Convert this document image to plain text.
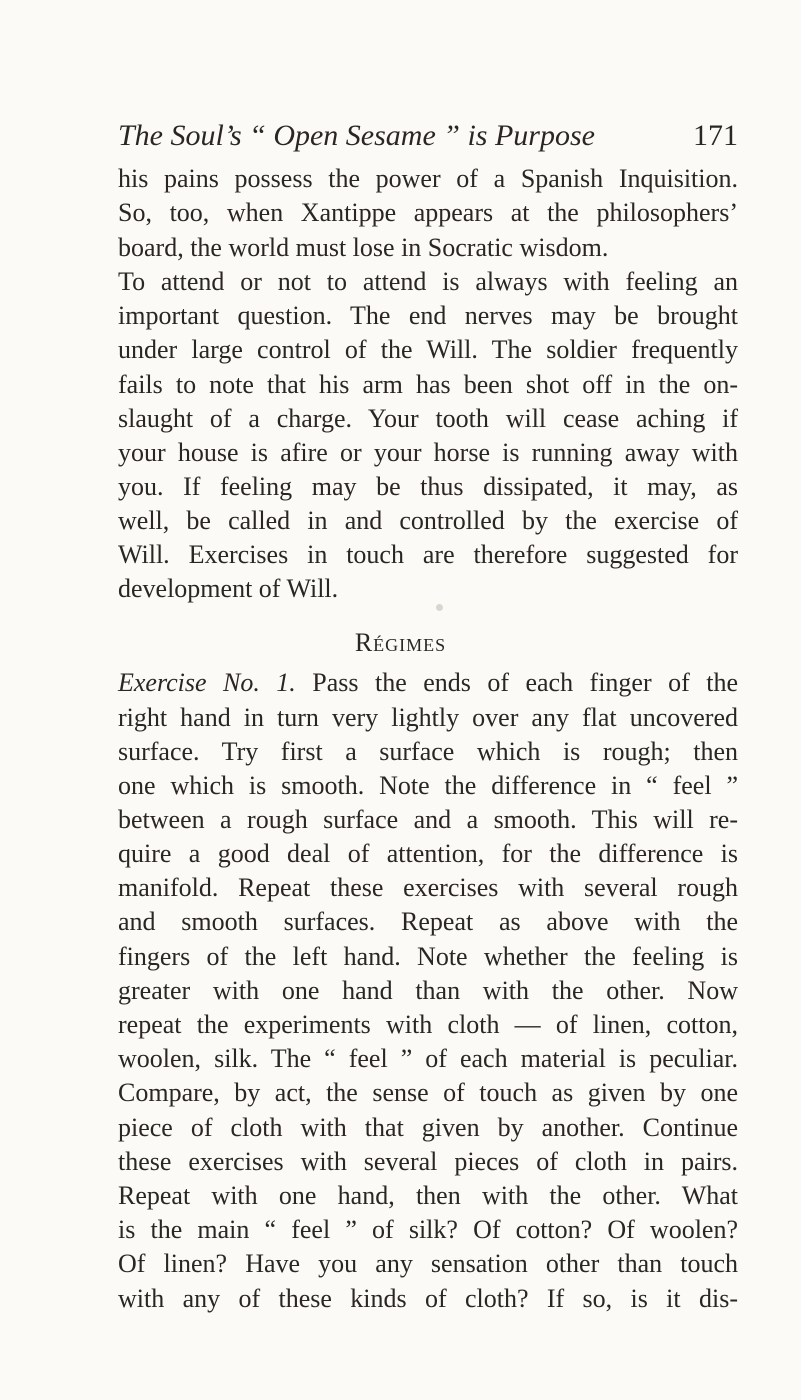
The Soul’s “ Open Sesame ” is Purpose	171
his pains possess the power of a Spanish Inquisition.
So, too, when Xantippe appears at the philosophers’
board, the world must lose in Socratic wisdom.
To attend or not to attend is always with feeling an
important question. The end nerves may be brought
under large control of the Will. The soldier frequently
fails to note that his arm has been shot off in the on-
slaught of a charge. Your tooth will cease aching if
your house is afire or your horse is running away with
you. If feeling may be thus dissipated, it may, as
well, be called in and controlled by the exercise of
Will. Exercises in touch are therefore suggested for
development of Will.
Régimes
Exercise No. 1. Pass the ends of each finger of the
right hand in turn very lightly over any flat uncovered
surface. Try first a surface which is rough; then
one which is smooth. Note the difference in “ feel ”
between a rough surface and a smooth. This will re-
quire a good deal of attention, for the difference is
manifold. Repeat these exercises with several rough
and smooth surfaces. Repeat as above with the
fingers of the left hand. Note whether the feeling is
greater with one hand than with the other. Now
repeat the experiments with cloth — of linen, cotton,
woolen, silk. The “ feel ” of each material is peculiar.
Compare, by act, the sense of touch as given by one
piece of cloth with that given by another. Continue
these exercises with several pieces of cloth in pairs.
Repeat with one hand, then with the other. What
is the main “ feel ” of silk? Of cotton? Of woolen?
Of linen? Have you any sensation other than touch
with any of these kinds of cloth? If so, is it dis-
